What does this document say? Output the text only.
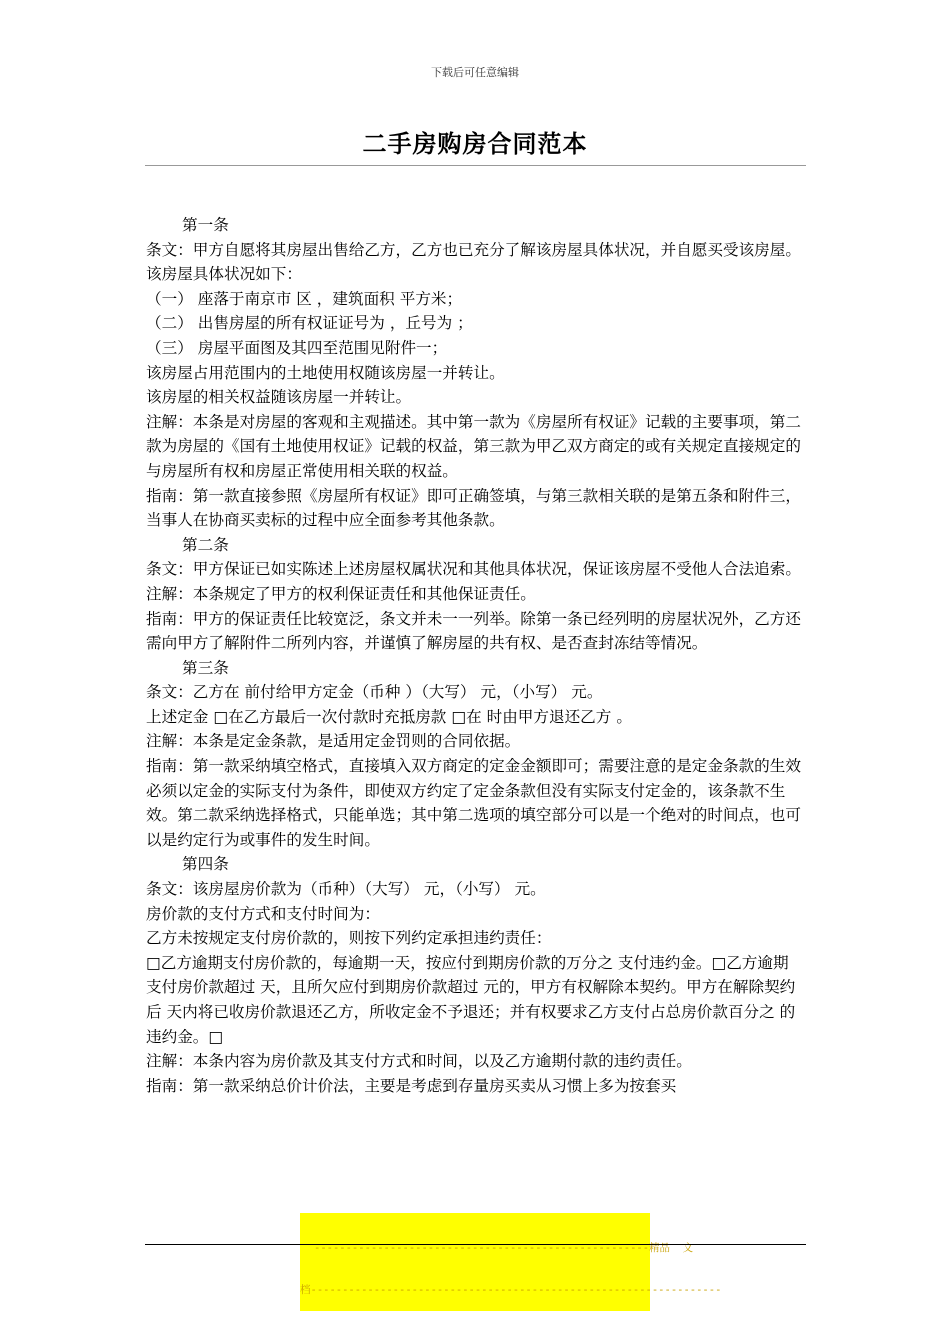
下载后可任意编辑
二手房购房合同范本

第一条

条文：甲方自愿将其房屋出售给乙方，乙方也已充分了解该房屋具体状况，并自愿买受该房屋。该房屋具体状况如下：

（一） 座落于南京市 区 ，建筑面积 平方米；

（二） 出售房屋的所有权证证号为 ，丘号为 ；

（三） 房屋平面图及其四至范围见附件一；

该房屋占用范围内的土地使用权随该房屋一并转让。

该房屋的相关权益随该房屋一并转让。

注解：本条是对房屋的客观和主观描述。其中第一款为《房屋所有权证》记载的主要事项，第二款为房屋的《国有土地使用权证》记载的权益，第三款为甲乙双方商定的或有关规定直接规定的与房屋所有权和房屋正常使用相关联的权益。

指南：第一款直接参照《房屋所有权证》即可正确签填，与第三款相关联的是第五条和附件三，当事人在协商买卖标的过程中应全面参考其他条款。

第二条

条文：甲方保证已如实陈述上述房屋权属状况和其他具体状况，保证该房屋不受他人合法追索。

注解：本条规定了甲方的权利保证责任和其他保证责任。

指南：甲方的保证责任比较宽泛，条文并未一一列举。除第一条已经列明的房屋状况外，乙方还需向甲方了解附件二所列内容，并谨慎了解房屋的共有权、是否查封冻结等情况。

第三条

条文：乙方在 前付给甲方定金（币种 ）（大写） 元，（小写） 元。

上述定金 □在乙方最后一次付款时充抵房款 □在 时由甲方退还乙方 。

注解：本条是定金条款，是适用定金罚则的合同依据。

指南：第一款采纳填空格式，直接填入双方商定的定金金额即可；需要注意的是定金条款的生效必须以定金的实际支付为条件，即使双方约定了定金条款但没有实际支付定金的，该条款不生效。第二款采纳选择格式，只能单选；其中第二选项的填空部分可以是一个绝对的时间点，也可以是约定行为或事件的发生时间。

第四条

条文：该房屋房价款为（币种）（大写） 元，（小写） 元。

房价款的支付方式和支付时间为：

乙方未按规定支付房价款的，则按下列约定承担违约责任：

□乙方逾期支付房价款的，每逾期一天，按应付到期房价款的万分之 支付违约金。□乙方逾期支付房价款超过 天，且所欠应付到期房价款超过 元的，甲方有权解除本契约。甲方在解除契约后 天内将已收房价款退还乙方，所收定金不予退还；并有权要求乙方支付占总房价款百分之 的违约金。□

注解：本条内容为房价款及其支付方式和时间，以及乙方逾期付款的违约责任。

指南：第一款采纳总价计价法，主要是考虑到存量房买卖从习惯上多为按套买

-----------------------------------------------------精品  文

档-----------------------------------------------------------------
